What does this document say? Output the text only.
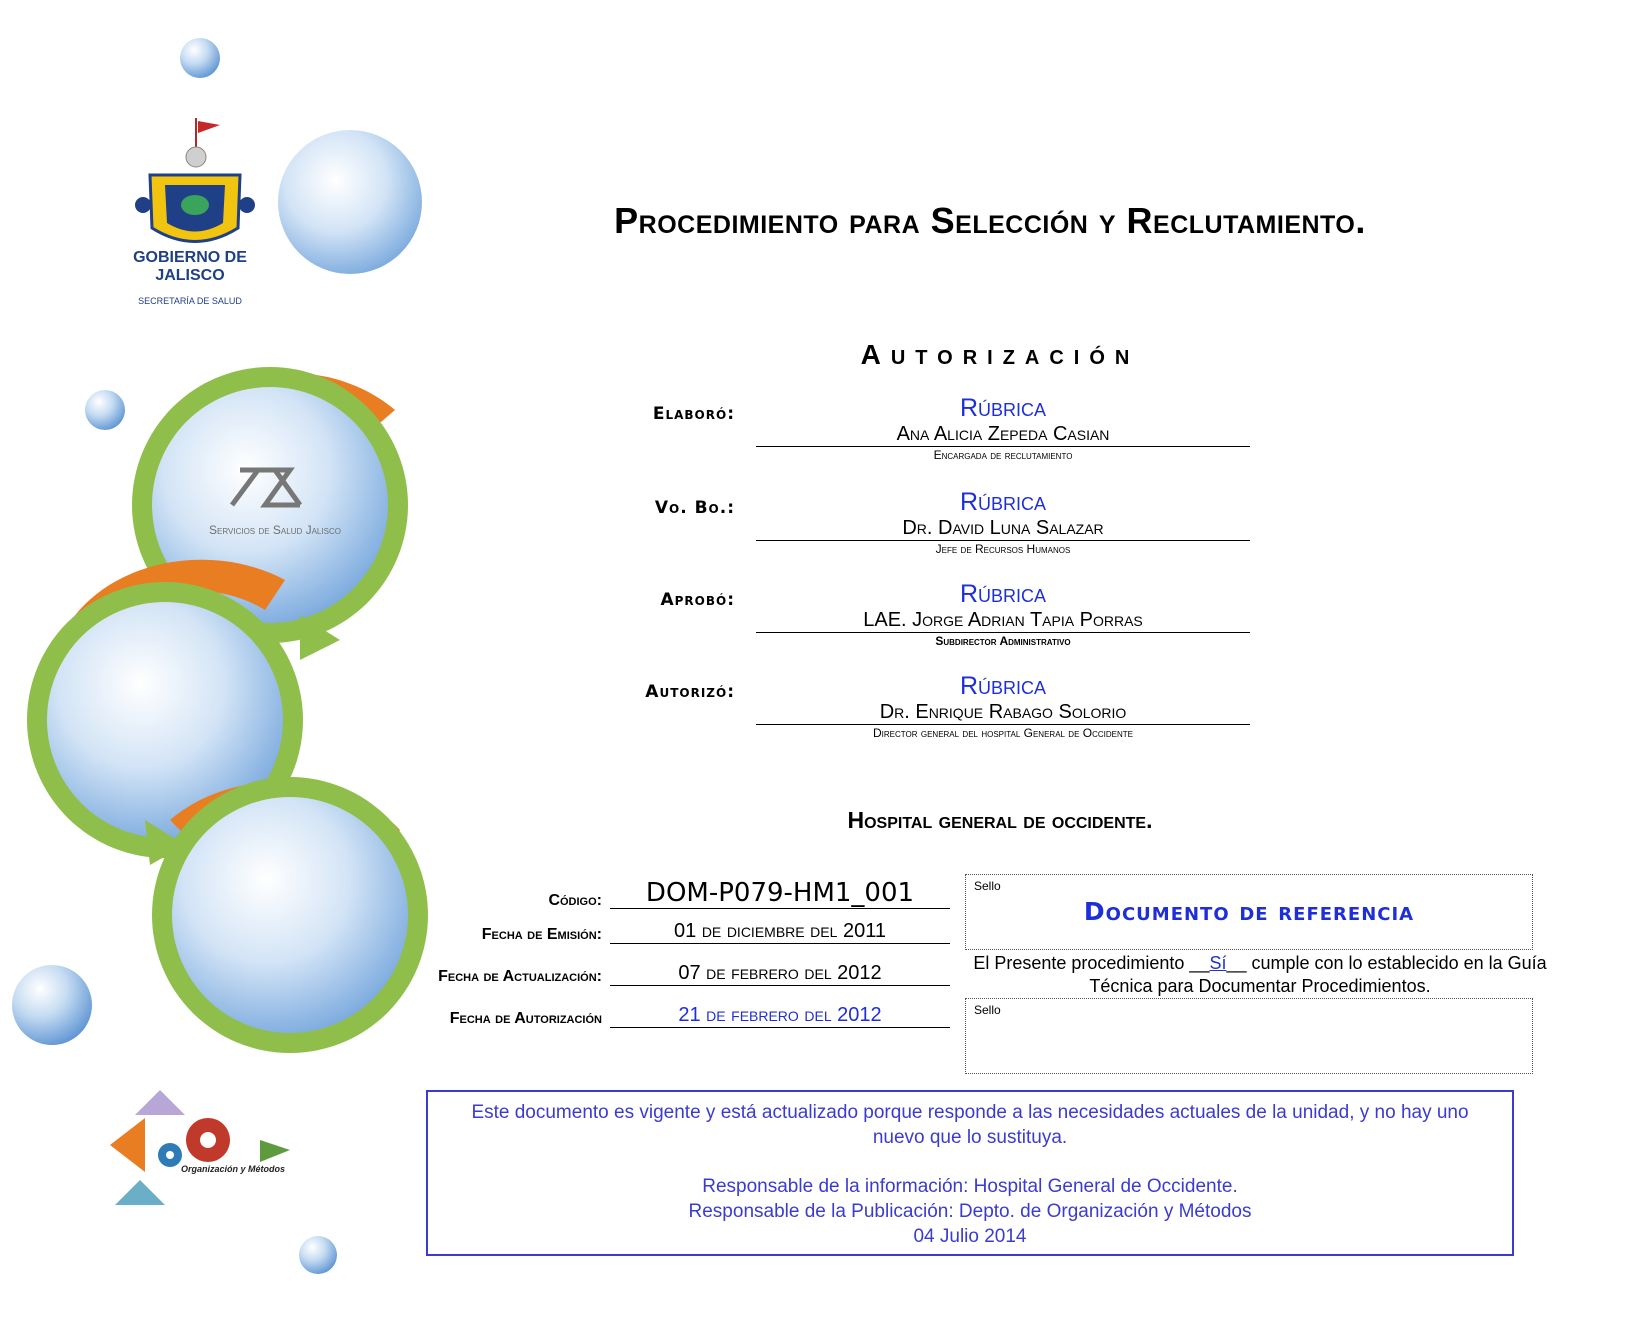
GOBIERNO DE JALISCO
SECRETARÍA DE SALUD
Servicios de Salud Jalisco
Organización y Métodos
Procedimiento para Selección y Reclutamiento.
Autorización
Elaboró:	Rúbrica
Ana Alicia Zepeda Casian
Encargada de reclutamiento
Vo. Bo.:	Rúbrica
Dr. David Luna Salazar
Jefe de Recursos Humanos
Aprobó:	Rúbrica
LAE. Jorge Adrian Tapia Porras
Subdirector Administrativo
Autorizó:	Rúbrica
Dr. Enrique Rabago Solorio
Director general del hospital General de Occidente
Hospital general de occidente.
Código:	DOM-P079-HM1_001
Fecha de Emisión:	01 de diciembre del 2011
Fecha de Actualización:	07 de febrero del 2012
Fecha de Autorización	21 de febrero del 2012
Sello
Documento de referencia
El Presente procedimiento __Sí__ cumple con lo establecido en la Guía Técnica para Documentar Procedimientos.
Sello
Este documento es vigente y está actualizado porque responde a las necesidades actuales de la unidad, y no hay uno nuevo que lo sustituya.
Responsable de la información: Hospital General de Occidente.
Responsable de la Publicación: Depto. de Organización y Métodos
04 Julio 2014
